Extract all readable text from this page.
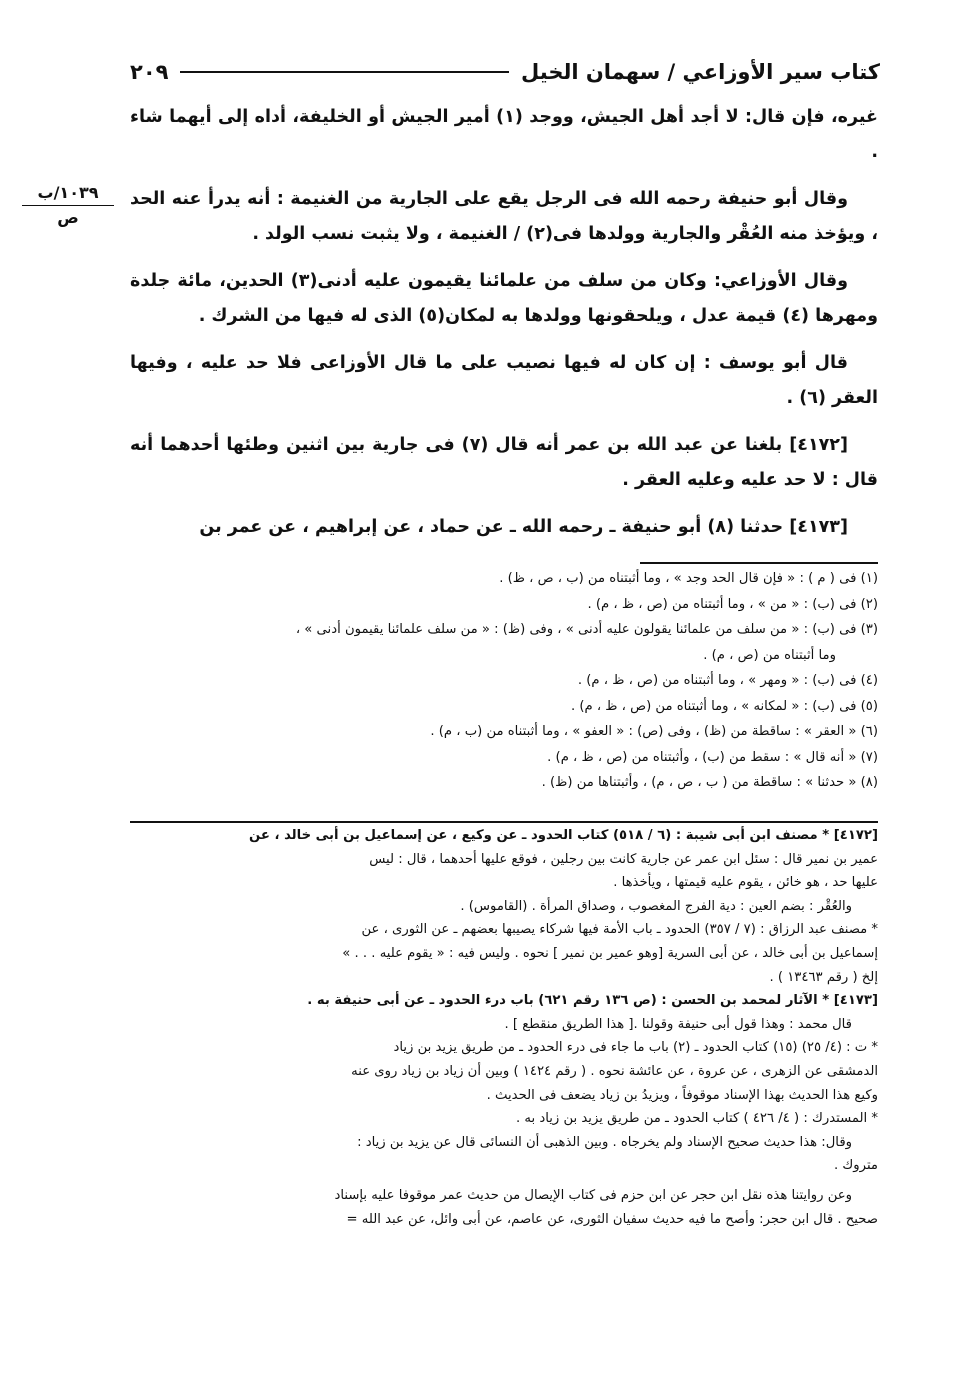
كتاب سير الأوزاعي / سهمان الخيل
٢٠٩
١٠٣٩/ب
ص

غيره، فإن قال: لا أجد أهل الجيش، ووجد (١) أمير الجيش أو الخليفة، أداه إلى أيهما شاء .

وقال أبو حنيفة رحمه الله فى الرجل يقع على الجارية من الغنيمة : أنه يدرأ عنه الحد ، ويؤخذ منه العُقْر والجارية وولدها فى(٢) / الغنيمة ، ولا يثبت نسب الولد .

وقال الأوزاعي: وكان من سلف من علمائنا يقيمون عليه أدنى(٣) الحدين، مائة جلدة ومهرها (٤) قيمة عدل ، ويلحقونها وولدها به لمكان(٥) الذى له فيها من الشرك .

قال أبو يوسف : إن كان له فيها نصيب على ما قال الأوزاعى فلا حد عليه ، وفيها العقر (٦) .

[٤١٧٢] بلغنا عن عبد الله بن عمر أنه قال (٧) فى جارية بين اثنين وطئها أحدهما أنه قال : لا حد عليه وعليه العقر .

[٤١٧٣] حدثنا (٨) أبو حنيفة ـ رحمه الله ـ عن حماد ، عن إبراهيم ، عن عمر بن

(١) فى ( م ) : « فإن قال الحد وجد » ، وما أثبتناه من (ب ، ص ، ظ) .
(٢) فى (ب) : « من » ، وما أثبتناه من (ص ، ظ ، م) .
(٣) فى (ب) : « من سلف من علمائنا يقولون عليه أدنى » ، وفى (ظ) : « من سلف علمائنا يقيمون أدنى » ،
وما أثبتناه من (ص ، م) .
(٤) فى (ب) : « ومهر » ، وما أثبتناه من (ص ، ظ ، م) .
(٥) فى (ب) : « لمكانه » ، وما أثبتناه من (ص ، ظ ، م) .
(٦) « العقر » : ساقطة من (ظ) ، وفى (ص) : « العفو » ، وما أثبتناه من (ب ، م) .
(٧) « أنه قال » : سقط من (ب) ، وأثبتناه من (ص ، ظ ، م) .
(٨) « حدثنا » : ساقطة من ( ب ، ص ، م) ، وأثبتناها من (ظ) .
[٤١٧٢] * مصنف ابن أبى شيبة : (٦ / ٥١٨) كتاب الحدود ـ عن وكيع ، عن إسماعيل بن أبى خالد ، عن
عمير بن نمير قال : سئل ابن عمر عن جارية كانت بين رجلين ، فوقع عليها أحدهما ، قال : ليس
عليها حد ، هو خائن ، يقوم عليه قيمتها ، ويأخذها .
والعُقْر : بضم العين : دية الفرج المغصوب ، وصداق المرأة . (القاموس) .
* مصنف عبد الرزاق : (٧ / ٣٥٧) الحدود ـ باب الأمة فيها شركاء يصيبها بعضهم ـ عن الثورى ، عن
إسماعيل بن أبى خالد ، عن أبى السرية [وهو عمير بن نمير ] نحوه . وليس فيه : « يقوم عليه . . . »
إلخ ( رقم ١٣٤٦٣ ) .
[٤١٧٣] * الآثار لمحمد بن الحسن : (ص ١٣٦ رقم ٦٢١) باب درء الحدود ـ عن أبى حنيفة به .
قال محمد : وهذا قول أبى حنيفة وقولنا .[ هذا الطريق منقطع ] .
* ت : (٤/ ٢٥) (١٥) كتاب الحدود ـ (٢) باب ما جاء فى درء الحدود ـ من طريق يزيد بن زياد
الدمشقى عن الزهرى ، عن عروة ، عن عائشة نحوه . ( رقم ١٤٢٤ ) وبين أن زياد بن زياد روى عنه
وكيع هذا الحديث بهذا الإسناد موقوفاً ، ويزيدُ بن زياد يضعف فى الحديث .
* المستدرك : ( ٤/ ٤٢٦ ) كتاب الحدود ـ من طريق يزيد بن زياد به .
وقال: هذا حديث صحيح الإسناد ولم يخرجاه . وبين الذهبى أن النسائى قال عن يزيد بن زياد :
متروك .
وعن روايتنا هذه نقل ابن حجر عن ابن حزم فى كتاب الإيصال من حديث عمر موقوفا عليه بإسناد
صحيح . قال ابن حجر: وأصح ما فيه حديث سفيان الثورى، عن عاصم، عن أبى وائل، عن عبد الله =
